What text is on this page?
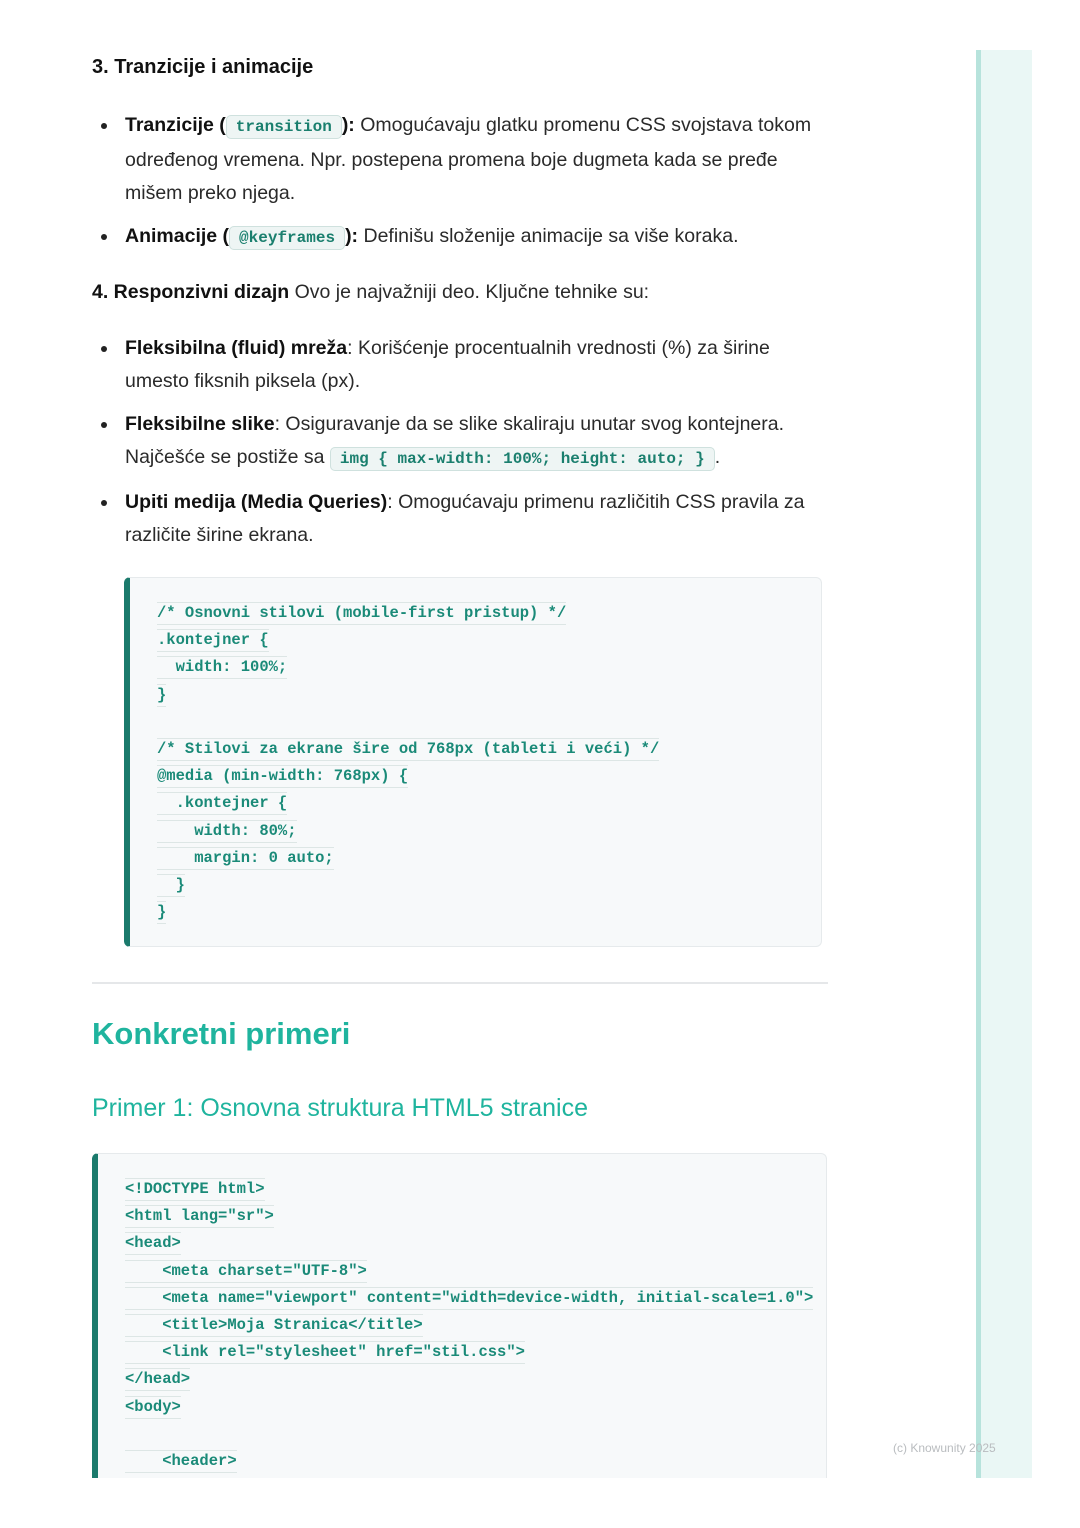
3. Tranzicije i animacije
Tranzicije ( transition ): Omogućavaju glatku promenu CSS svojstava tokom određenog vremena. Npr. postepena promena boje dugmeta kada se pređe mišem preko njega.
Animacije ( @keyframes ): Definišu složenije animacije sa više koraka.
4. Responzivni dizajn Ovo je najvažniji deo. Ključne tehnike su:
Fleksibilna (fluid) mreža: Korišćenje procentualnih vrednosti (%) za širine umesto fiksnih piksela (px).
Fleksibilne slike: Osiguravanje da se slike skaliraju unutar svog kontejnera. Najčešće se postiže sa img { max-width: 100%; height: auto; } .
Upiti medija (Media Queries): Omogućavaju primenu različitih CSS pravila za različite širine ekrana.
/* Osnovni stilovi (mobile-first pristup) */
.kontejner {
width: 100%;
}
/* Stilovi za ekrane šire od 768px (tableti i veći) */
@media (min-width: 768px) {
.kontejner {
width: 80%;
margin: 0 auto;
}
}
Konkretni primeri
Primer 1: Osnovna struktura HTML5 stranice
<!DOCTYPE html>
<html lang="sr">
<head>
<meta charset="UTF-8">
<meta name="viewport" content="width=device-width, initial-scale=1.0">
<title>Moja Stranica</title>
<link rel="stylesheet" href="stil.css">
</head>
<body>
<header>
(c) Knowunity 2025
